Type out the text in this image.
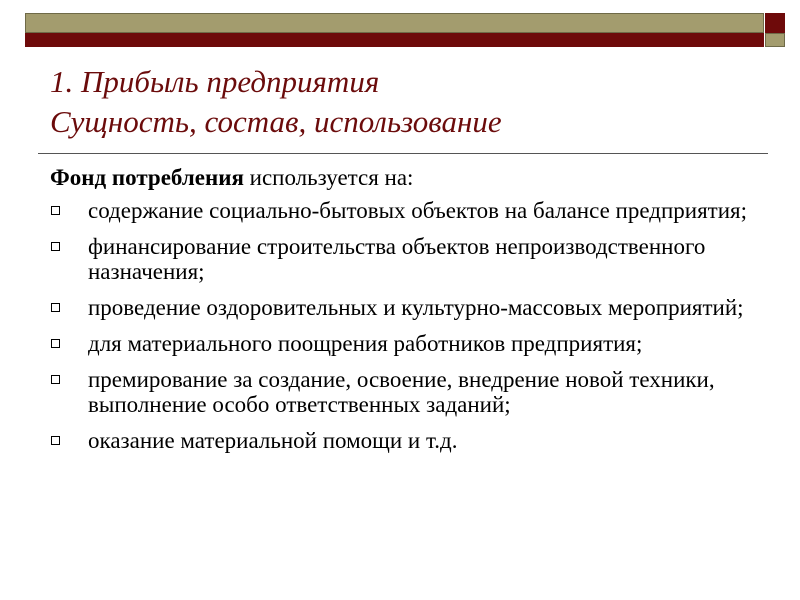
1. Прибыль предприятия
Сущность, состав, использование

Фонд потребления используется на:

содержание социально-бытовых объектов на балансе предприятия;
финансирование строительства объектов непроизводственного назначения;
проведение оздоровительных и культурно-массовых мероприятий;
для материального поощрения работников предприятия;
премирование за создание, освоение, внедрение новой техники, выполнение особо ответственных заданий;
оказание материальной помощи и т.д.
